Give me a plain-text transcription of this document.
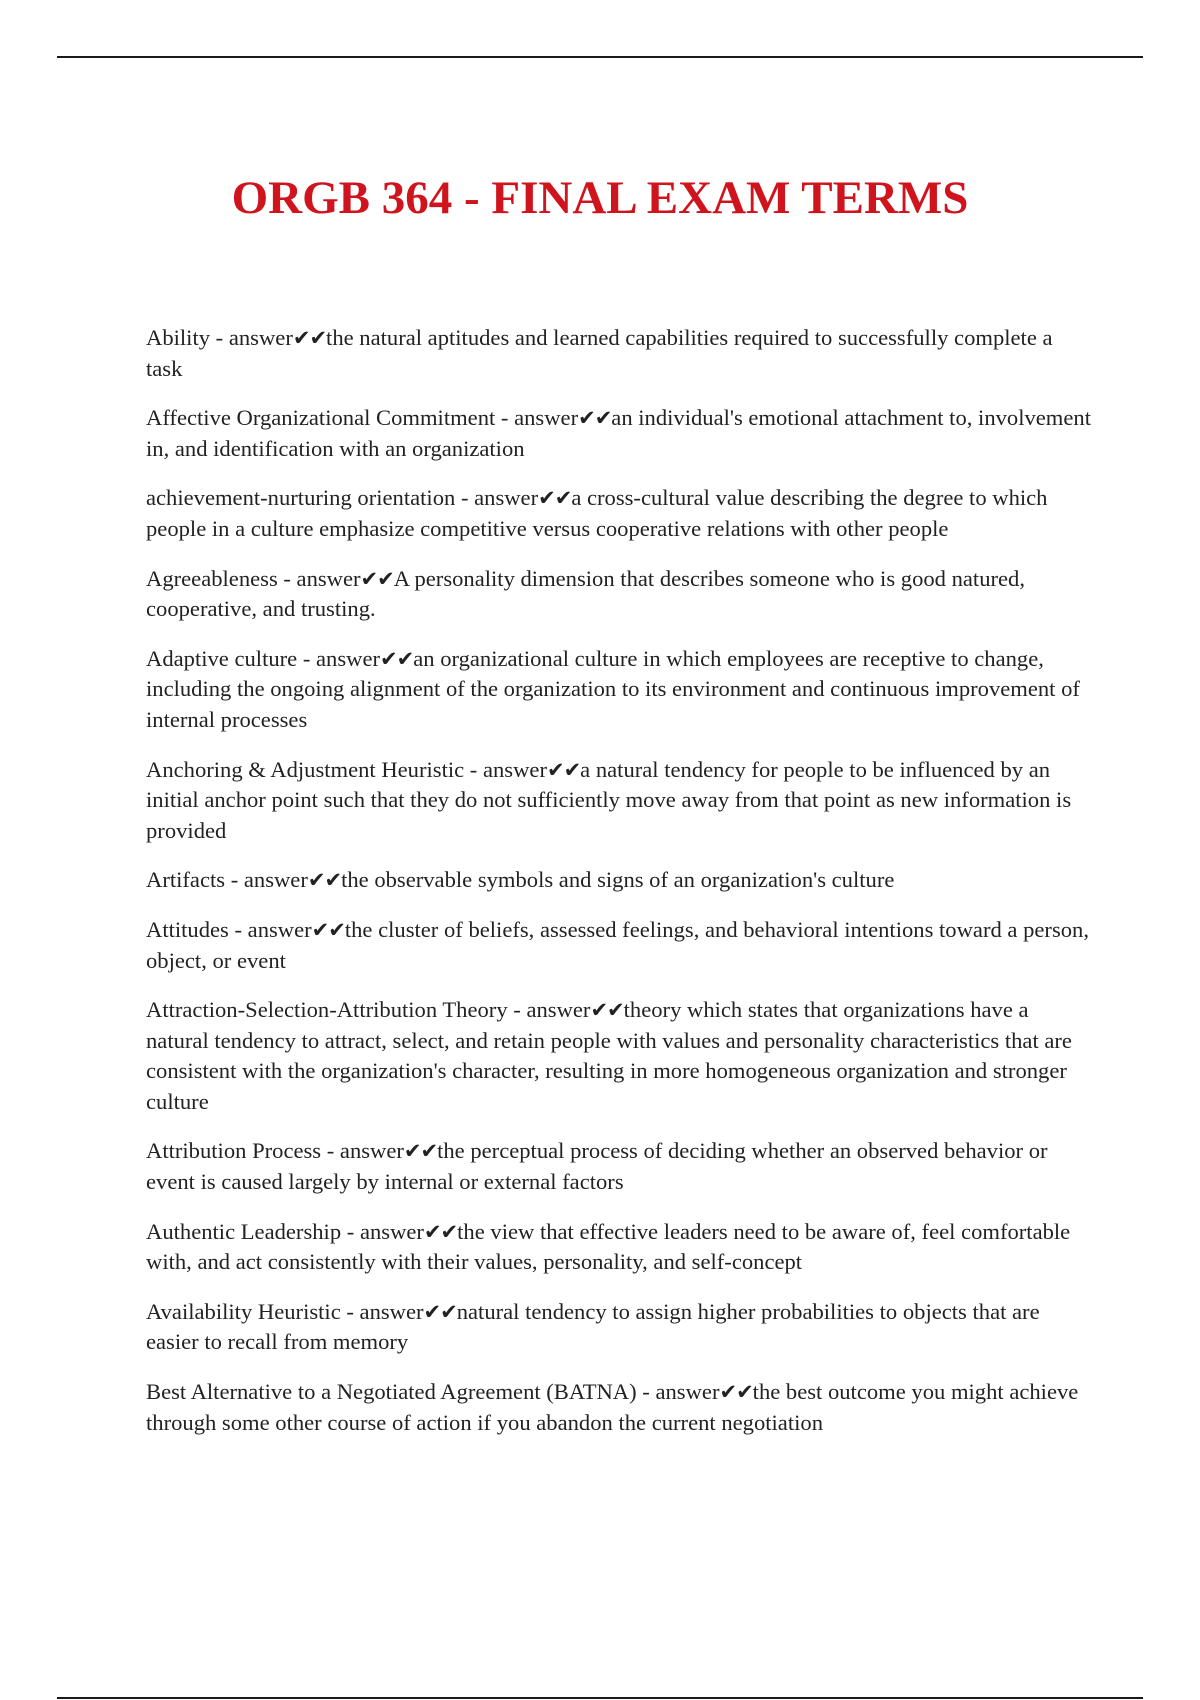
ORGB 364 - FINAL EXAM TERMS
Ability - answer✔✔the natural aptitudes and learned capabilities required to successfully complete a task
Affective Organizational Commitment - answer✔✔an individual's emotional attachment to, involvement in, and identification with an organization
achievement-nurturing orientation - answer✔✔a cross-cultural value describing the degree to which people in a culture emphasize competitive versus cooperative relations with other people
Agreeableness - answer✔✔A personality dimension that describes someone who is good natured, cooperative, and trusting.
Adaptive culture - answer✔✔an organizational culture in which employees are receptive to change, including the ongoing alignment of the organization to its environment and continuous improvement of internal processes
Anchoring & Adjustment Heuristic - answer✔✔a natural tendency for people to be influenced by an initial anchor point such that they do not sufficiently move away from that point as new information is provided
Artifacts - answer✔✔the observable symbols and signs of an organization's culture
Attitudes - answer✔✔the cluster of beliefs, assessed feelings, and behavioral intentions toward a person, object, or event
Attraction-Selection-Attribution Theory - answer✔✔theory which states that organizations have a natural tendency to attract, select, and retain people with values and personality characteristics that are consistent with the organization's character, resulting in more homogeneous organization and stronger culture
Attribution Process - answer✔✔the perceptual process of deciding whether an observed behavior or event is caused largely by internal or external factors
Authentic Leadership - answer✔✔the view that effective leaders need to be aware of, feel comfortable with, and act consistently with their values, personality, and self-concept
Availability Heuristic - answer✔✔natural tendency to assign higher probabilities to objects that are easier to recall from memory
Best Alternative to a Negotiated Agreement (BATNA) - answer✔✔the best outcome you might achieve through some other course of action if you abandon the current negotiation
